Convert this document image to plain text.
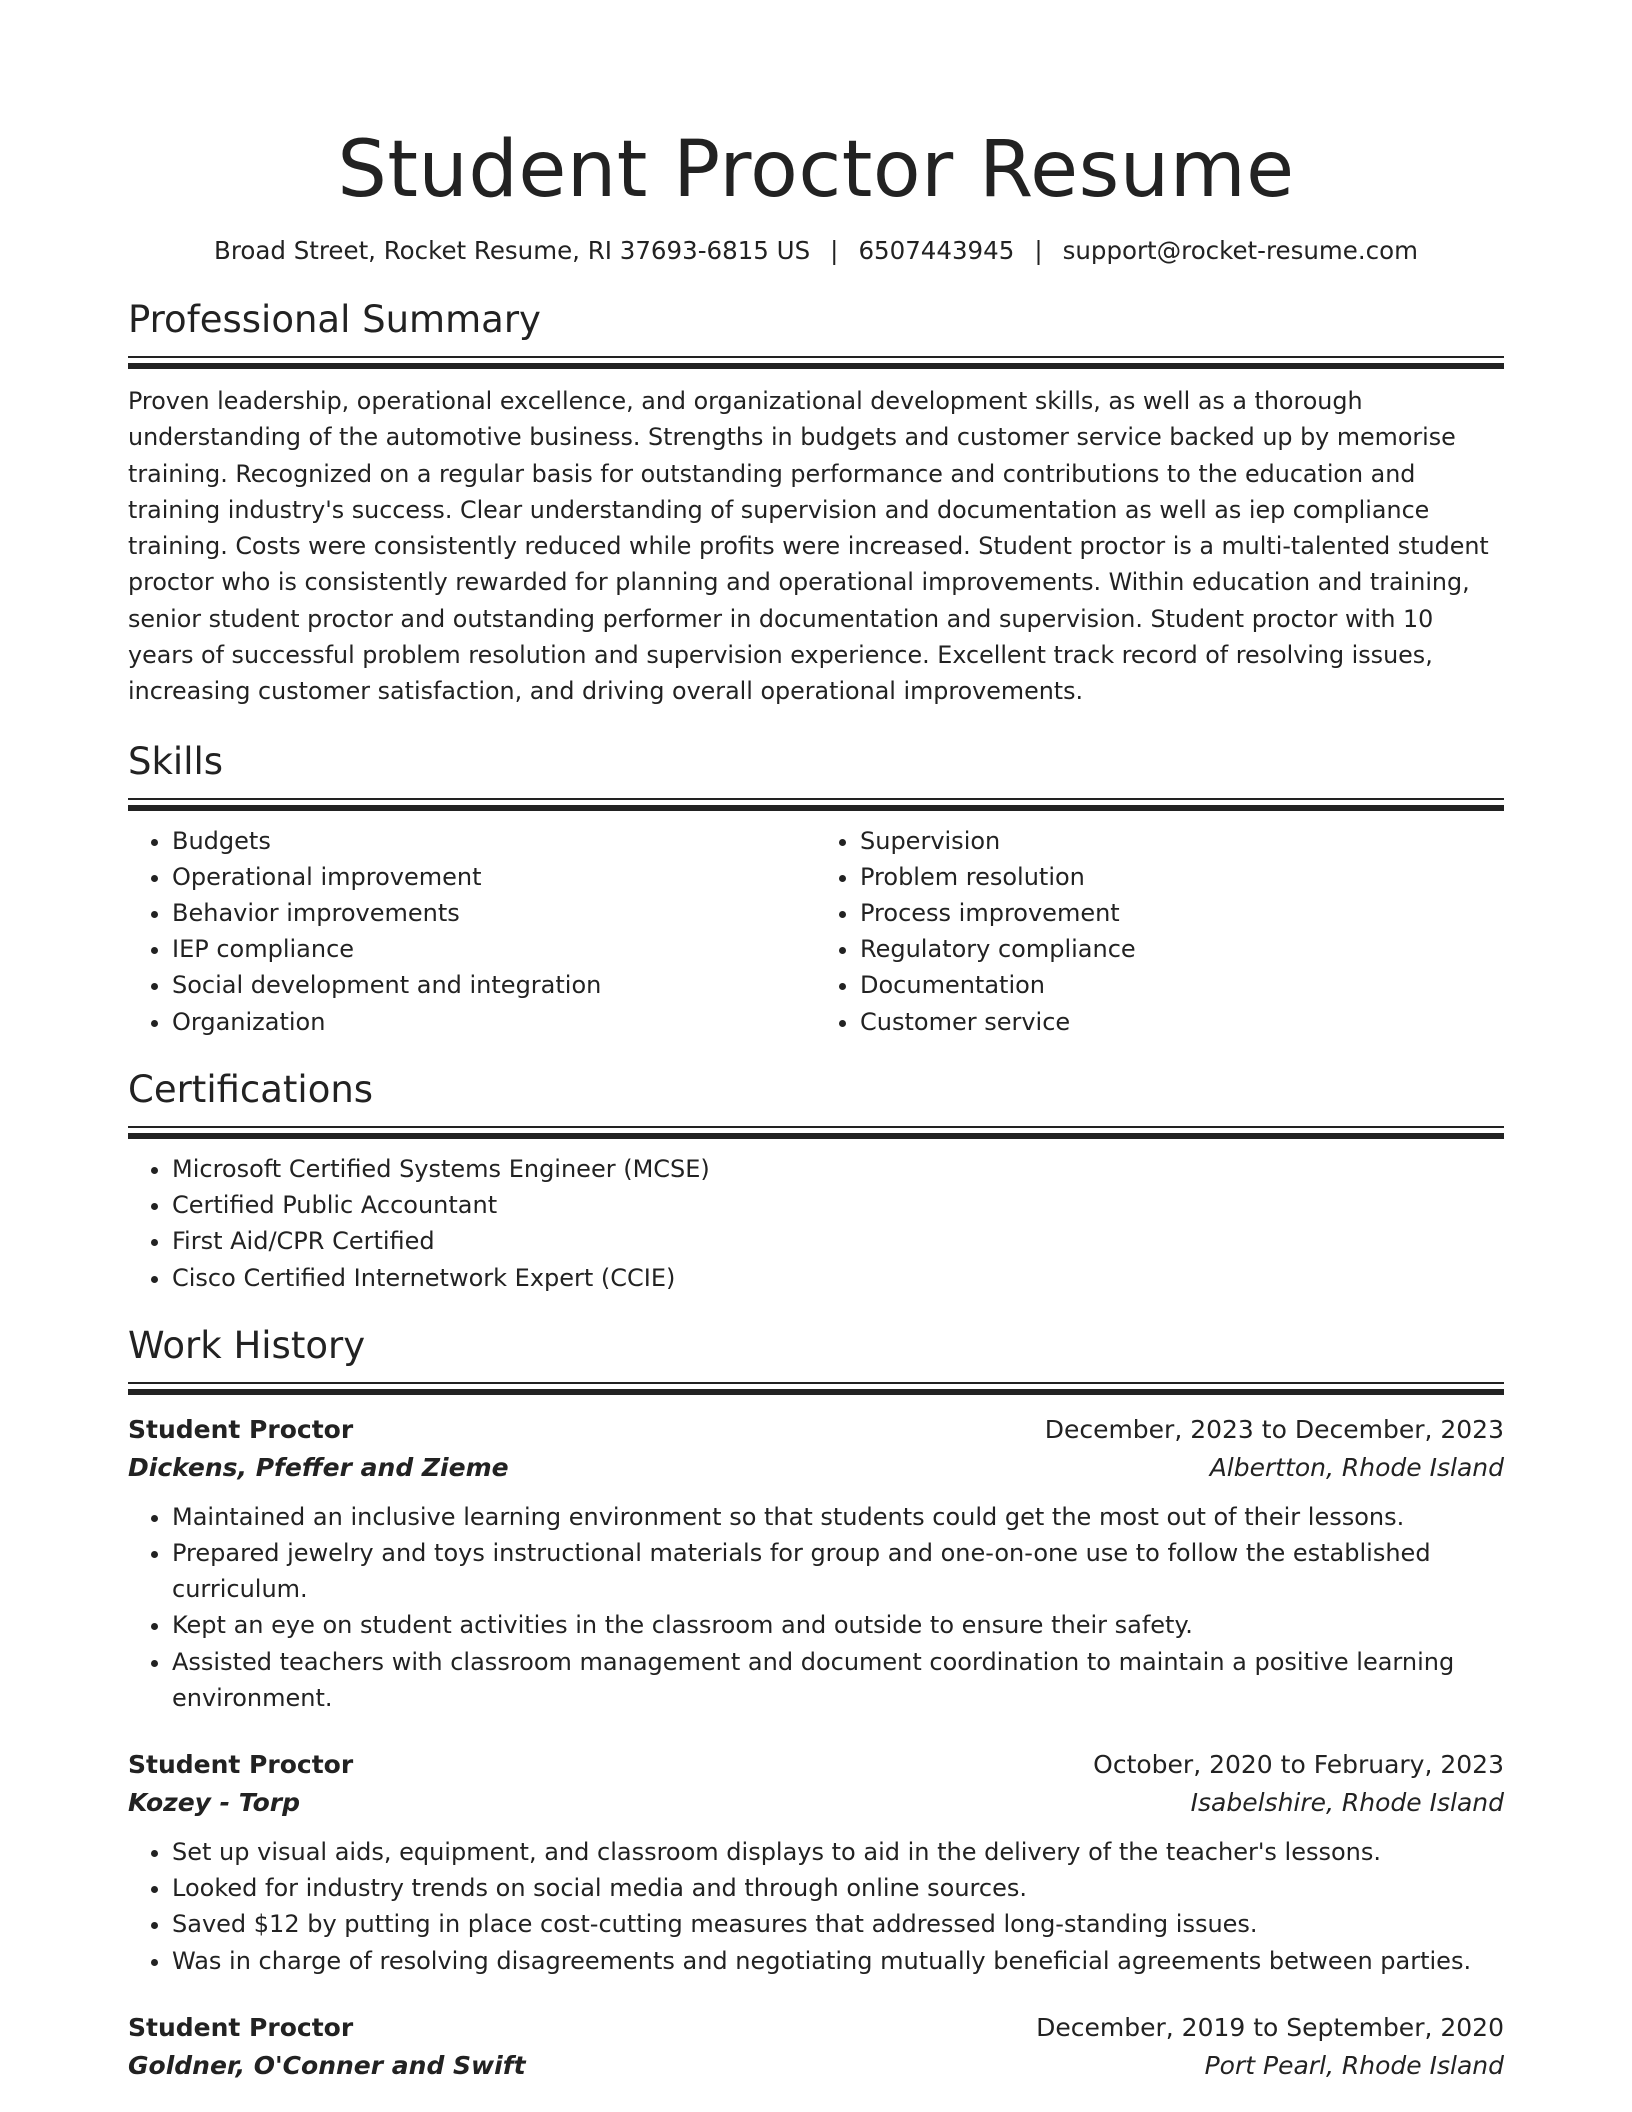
Student Proctor Resume
Broad Street, Rocket Resume, RI 37693-6815 US | 6507443945 | support@rocket-resume.com
Professional Summary

Proven leadership, operational excellence, and organizational development skills, as well as a thorough understanding of the automotive business. Strengths in budgets and customer service backed up by memorise training. Recognized on a regular basis for outstanding performance and contributions to the education and training industry's success. Clear understanding of supervision and documentation as well as iep compliance training. Costs were consistently reduced while profits were increased. Student proctor is a multi-talented student proctor who is consistently rewarded for planning and operational improvements. Within education and training, senior student proctor and outstanding performer in documentation and supervision. Student proctor with 10 years of successful problem resolution and supervision experience. Excellent track record of resolving issues, increasing customer satisfaction, and driving overall operational improvements.

Skills
• Budgets
• Operational improvement
• Behavior improvements
• IEP compliance
• Social development and integration
• Organization
• Supervision
• Problem resolution
• Process improvement
• Regulatory compliance
• Documentation
• Customer service
Certifications
• Microsoft Certified Systems Engineer (MCSE)
• Certified Public Accountant
• First Aid/CPR Certified
• Cisco Certified Internetwork Expert (CCIE)
Work History
Student Proctor	December, 2023 to December, 2023
Dickens, Pfeffer and Zieme	Albertton, Rhode Island
• Maintained an inclusive learning environment so that students could get the most out of their lessons.
• Prepared jewelry and toys instructional materials for group and one-on-one use to follow the established curriculum.
• Kept an eye on student activities in the classroom and outside to ensure their safety.
• Assisted teachers with classroom management and document coordination to maintain a positive learning environment.
Student Proctor	October, 2020 to February, 2023
Kozey - Torp	Isabelshire, Rhode Island
• Set up visual aids, equipment, and classroom displays to aid in the delivery of the teacher's lessons.
• Looked for industry trends on social media and through online sources.
• Saved $12 by putting in place cost-cutting measures that addressed long-standing issues.
• Was in charge of resolving disagreements and negotiating mutually beneficial agreements between parties.
Student Proctor	December, 2019 to September, 2020
Goldner, O'Conner and Swift	Port Pearl, Rhode Island
